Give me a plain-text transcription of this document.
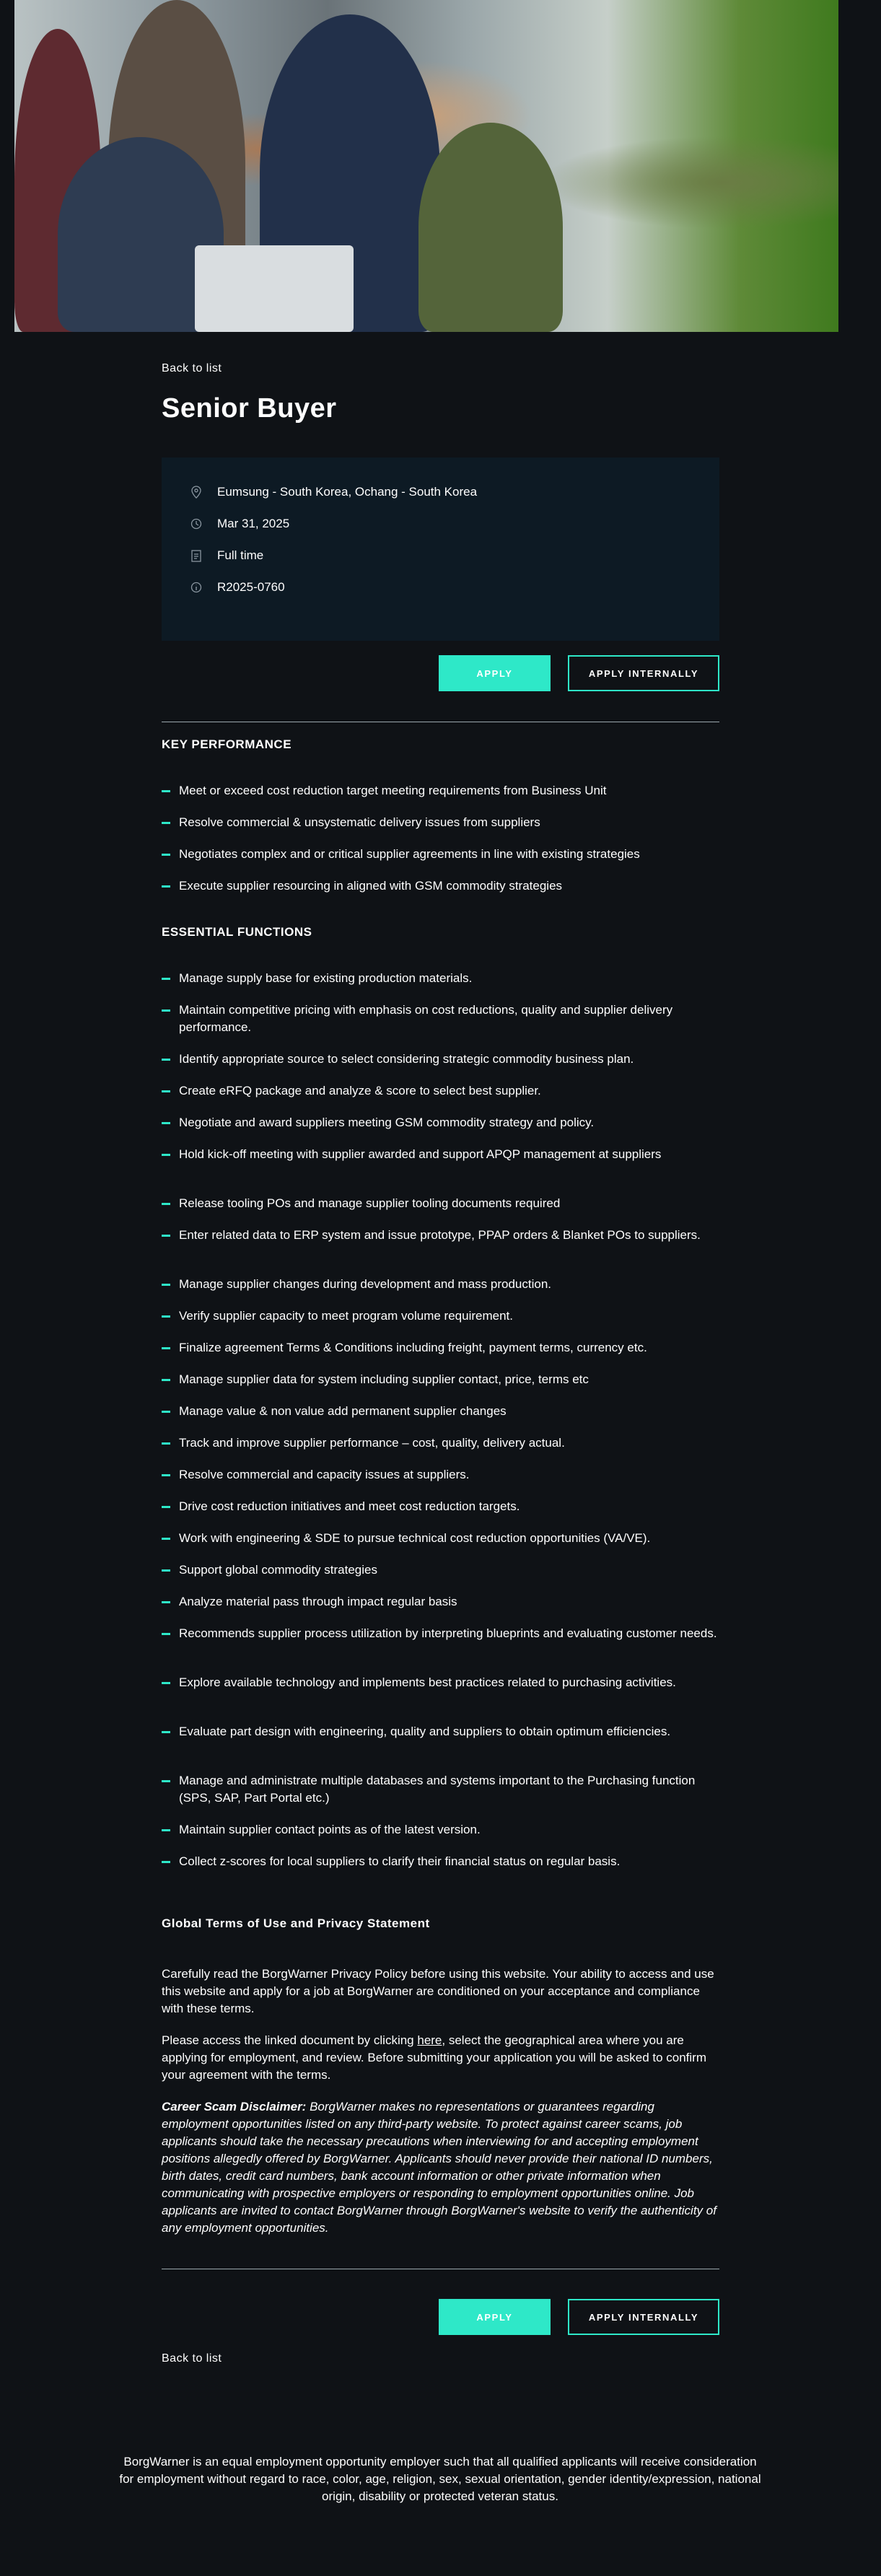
Back to list
Senior Buyer
Eumsung - South Korea, Ochang - South Korea
Mar 31, 2025
Full time
R2025-0760
APPLY	APPLY INTERNALLY
KEY PERFORMANCE
Meet or exceed cost reduction target meeting requirements from Business Unit
Resolve commercial & unsystematic delivery issues from suppliers
Negotiates complex and or critical supplier agreements in line with existing strategies
Execute supplier resourcing in aligned with GSM commodity strategies
ESSENTIAL FUNCTIONS
Manage supply base for existing production materials.
Maintain competitive pricing with emphasis on cost reductions, quality and supplier delivery performance.
Identify appropriate source to select considering strategic commodity business plan.
Create eRFQ package and analyze & score to select best supplier.
Negotiate and award suppliers meeting GSM commodity strategy and policy.
Hold kick-off meeting with supplier awarded and support APQP management at suppliers
Release tooling POs and manage supplier tooling documents required
Enter related data to ERP system and issue prototype, PPAP orders & Blanket POs to suppliers.
Manage supplier changes during development and mass production.
Verify supplier capacity to meet program volume requirement.
Finalize agreement Terms & Conditions including freight, payment terms, currency etc.
Manage supplier data for system including supplier contact, price, terms etc
Manage value & non value add permanent supplier changes
Track and improve supplier performance – cost, quality, delivery actual.
Resolve commercial and capacity issues at suppliers.
Drive cost reduction initiatives and meet cost reduction targets.
Work with engineering & SDE to pursue technical cost reduction opportunities (VA/VE).
Support global commodity strategies
Analyze material pass through impact regular basis
Recommends supplier process utilization by interpreting blueprints and evaluating customer needs.
Explore available technology and implements best practices related to purchasing activities.
Evaluate part design with engineering, quality and suppliers to obtain optimum efficiencies.
Manage and administrate multiple databases and systems important to the Purchasing function (SPS, SAP, Part Portal etc.)
Maintain supplier contact points as of the latest version.
Collect z-scores for local suppliers to clarify their financial status on regular basis.
Global Terms of Use and Privacy Statement
Carefully read the BorgWarner Privacy Policy before using this website. Your ability to access and use this website and apply for a job at BorgWarner are conditioned on your acceptance and compliance with these terms.
Please access the linked document by clicking here, select the geographical area where you are applying for employment, and review. Before submitting your application you will be asked to confirm your agreement with the terms.
Career Scam Disclaimer: BorgWarner makes no representations or guarantees regarding employment opportunities listed on any third-party website. To protect against career scams, job applicants should take the necessary precautions when interviewing for and accepting employment positions allegedly offered by BorgWarner. Applicants should never provide their national ID numbers, birth dates, credit card numbers, bank account information or other private information when communicating with prospective employers or responding to employment opportunities online. Job applicants are invited to contact BorgWarner through BorgWarner's website to verify the authenticity of any employment opportunities.
APPLY	APPLY INTERNALLY
Back to list
BorgWarner is an equal employment opportunity employer such that all qualified applicants will receive consideration for employment without regard to race, color, age, religion, sex, sexual orientation, gender identity/expression, national origin, disability or protected veteran status.
